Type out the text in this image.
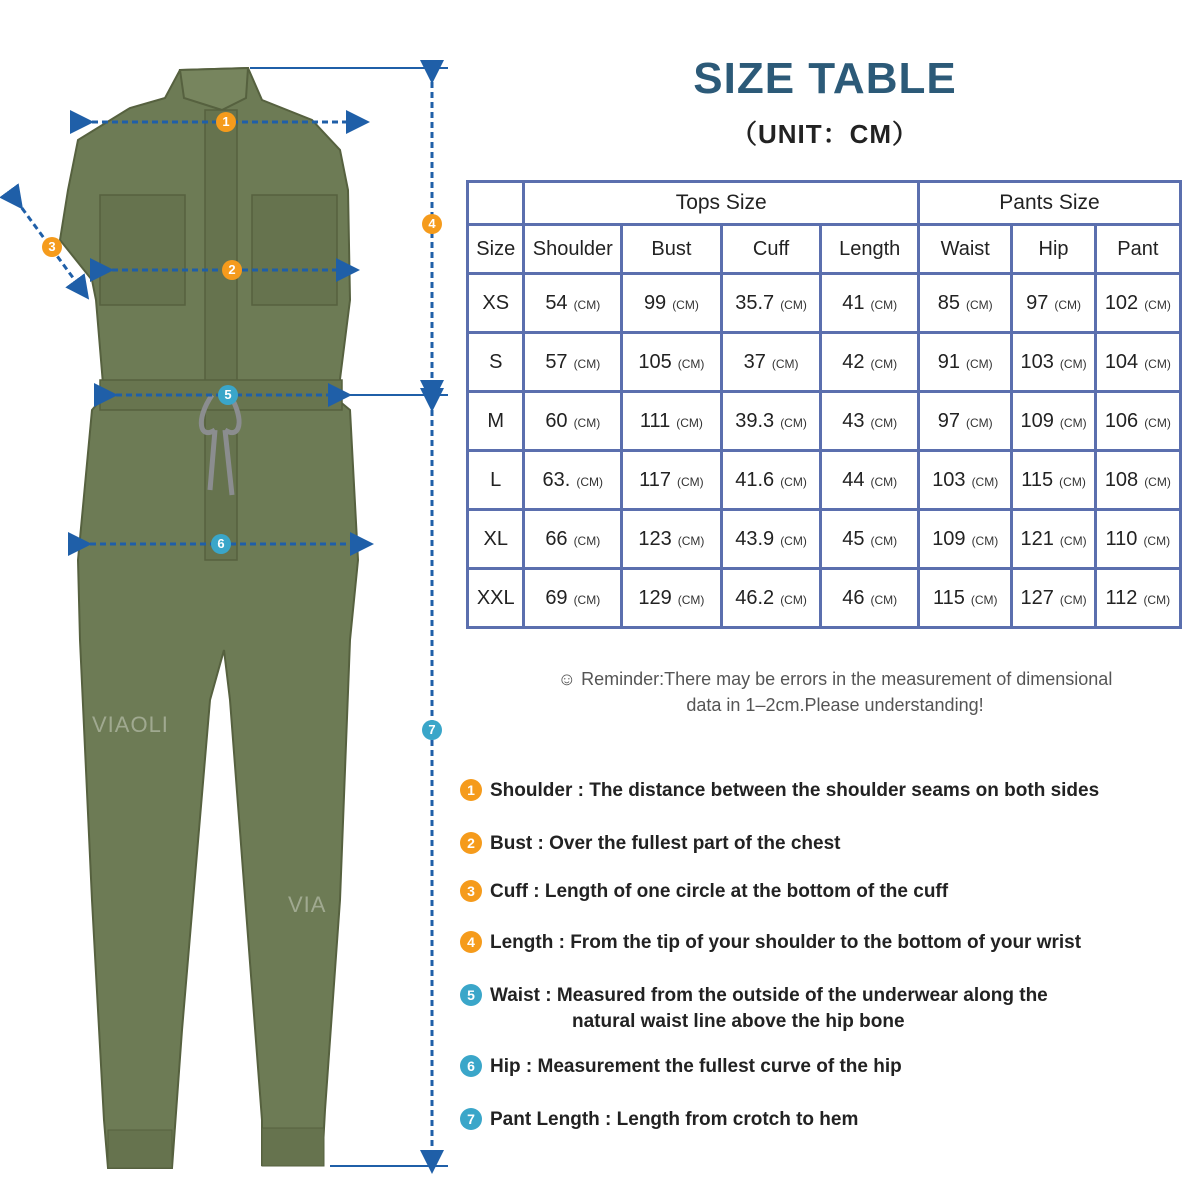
1
2
3
4
5
6
7
VIAOLI
VIA
SIZE TABLE
（UNIT：CM）
	Tops Size				Pants Size		
Size	Shoulder	Bust	Cuff	Length	Waist	Hip	Pant
XS	54 (CM)	99 (CM)	35.7 (CM)	41 (CM)	85 (CM)	97 (CM)	102 (CM)
S	57 (CM)	105 (CM)	37 (CM)	42 (CM)	91 (CM)	103 (CM)	104 (CM)
M	60 (CM)	111 (CM)	39.3 (CM)	43 (CM)	97 (CM)	109 (CM)	106 (CM)
L	63. (CM)	117 (CM)	41.6 (CM)	44 (CM)	103 (CM)	115 (CM)	108 (CM)
XL	66 (CM)	123 (CM)	43.9 (CM)	45 (CM)	109 (CM)	121 (CM)	110 (CM)
XXL	69 (CM)	129 (CM)	46.2 (CM)	46 (CM)	115 (CM)	127 (CM)	112 (CM)
☺ Reminder:There may be errors in the measurement of dimensional
data in 1–2cm.Please understanding!
1 Shoulder : The distance between the shoulder seams on both sides
2 Bust : Over the fullest part of the chest
3 Cuff : Length of one circle at the bottom of the cuff
4 Length : From the tip of your shoulder to the bottom of your wrist
5 Waist : Measured from the outside of the underwear along the
natural waist line above the hip bone
6 Hip : Measurement the fullest curve of the hip
7 Pant Length : Length from crotch to hem
